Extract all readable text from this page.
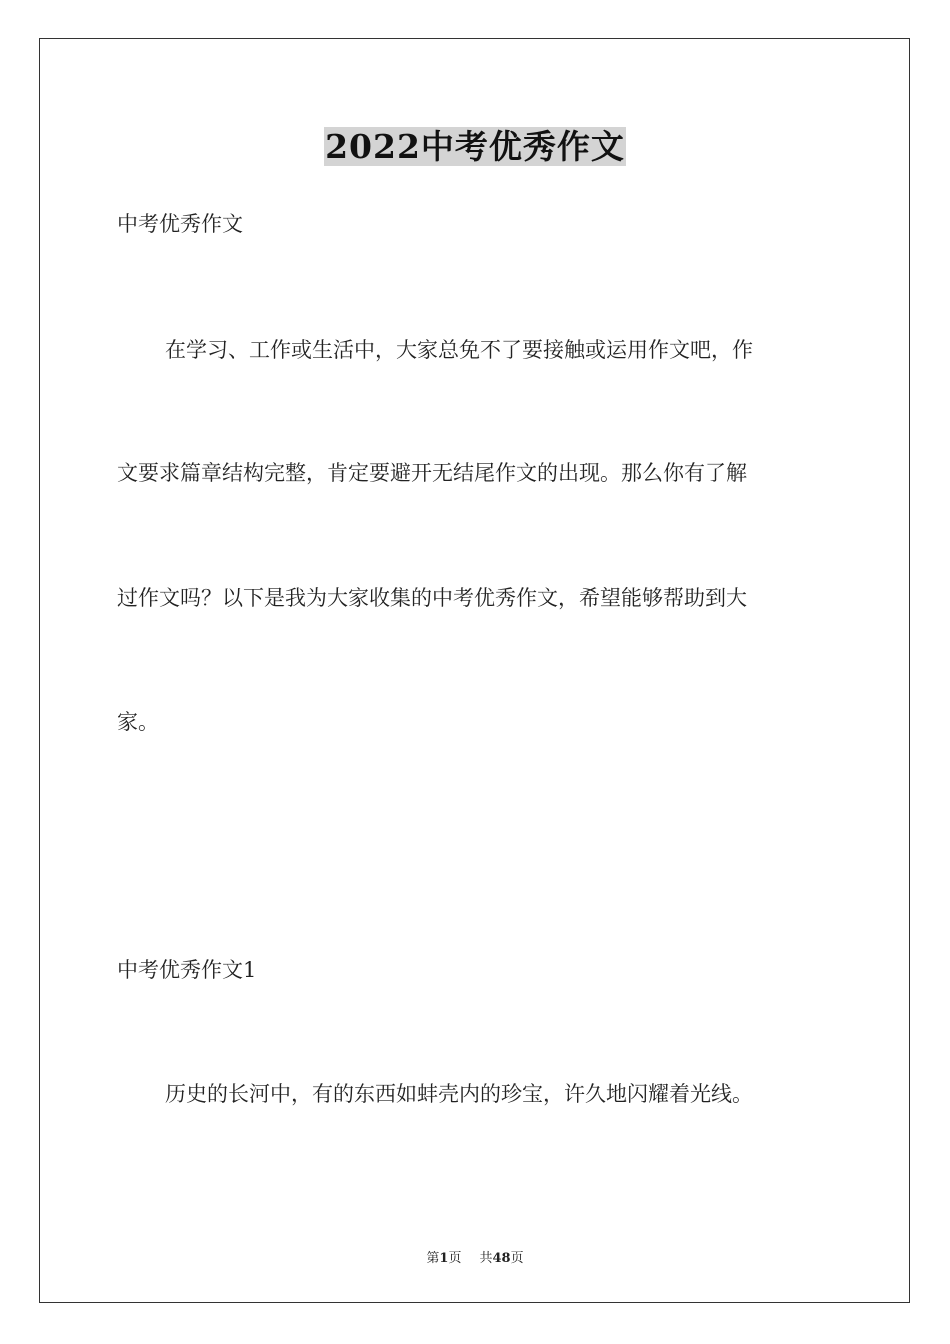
2022中考优秀作文
中考优秀作文
在学习、工作或生活中，大家总免不了要接触或运用作文吧，作
文要求篇章结构完整，肯定要避开无结尾作文的出现。那么你有了解
过作文吗？以下是我为大家收集的中考优秀作文，希望能够帮助到大
家。
中考优秀作文1
历史的长河中，有的东西如蚌壳内的珍宝，许久地闪耀着光线。
第1页 共48页
